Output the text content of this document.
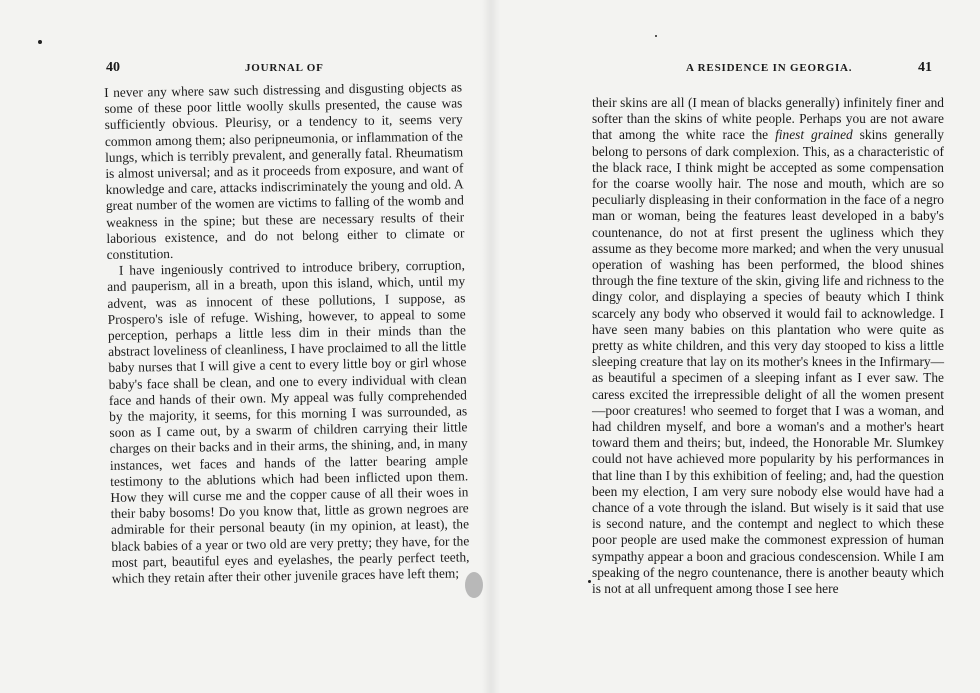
40	JOURNAL OF

I never any where saw such distressing and disgusting objects as some of these poor little woolly skulls presented, the cause was sufficiently obvious. Pleurisy, or a tendency to it, seems very common among them; also peripneumonia, or inflammation of the lungs, which is terribly prevalent, and generally fatal. Rheumatism is almost universal; and as it proceeds from exposure, and want of knowledge and care, attacks indiscriminately the young and old. A great number of the women are victims to falling of the womb and weakness in the spine; but these are necessary results of their laborious existence, and do not belong either to climate or constitution.

I have ingeniously contrived to introduce bribery, corruption, and pauperism, all in a breath, upon this island, which, until my advent, was as innocent of these pollutions, I suppose, as Prospero's isle of refuge. Wishing, however, to appeal to some perception, perhaps a little less dim in their minds than the abstract loveliness of cleanliness, I have proclaimed to all the little baby nurses that I will give a cent to every little boy or girl whose baby's face shall be clean, and one to every individual with clean face and hands of their own. My appeal was fully comprehended by the majority, it seems, for this morning I was surrounded, as soon as I came out, by a swarm of children carrying their little charges on their backs and in their arms, the shining, and, in many instances, wet faces and hands of the latter bearing ample testimony to the ablutions which had been inflicted upon them. How they will curse me and the copper cause of all their woes in their baby bosoms! Do you know that, little as grown negroes are admirable for their personal beauty (in my opinion, at least), the black babies of a year or two old are very pretty; they have, for the most part, beautiful eyes and eyelashes, the pearly perfect teeth, which they retain after their other juvenile graces have left them;

A RESIDENCE IN GEORGIA.	41

their skins are all (I mean of blacks generally) infinitely finer and softer than the skins of white people. Perhaps you are not aware that among the white race the finest grained skins generally belong to persons of dark complexion. This, as a characteristic of the black race, I think might be accepted as some compensation for the coarse woolly hair. The nose and mouth, which are so peculiarly displeasing in their conformation in the face of a negro man or woman, being the features least developed in a baby's countenance, do not at first present the ugliness which they assume as they become more marked; and when the very unusual operation of washing has been performed, the blood shines through the fine texture of the skin, giving life and richness to the dingy color, and displaying a species of beauty which I think scarcely any body who observed it would fail to acknowledge. I have seen many babies on this plantation who were quite as pretty as white children, and this very day stooped to kiss a little sleeping creature that lay on its mother's knees in the Infirmary—as beautiful a specimen of a sleeping infant as I ever saw. The caress excited the irrepressible delight of all the women present—poor creatures! who seemed to forget that I was a woman, and had children myself, and bore a woman's and a mother's heart toward them and theirs; but, indeed, the Honorable Mr. Slumkey could not have achieved more popularity by his performances in that line than I by this exhibition of feeling; and, had the question been my election, I am very sure nobody else would have had a chance of a vote through the island. But wisely is it said that use is second nature, and the contempt and neglect to which these poor people are used make the commonest expression of human sympathy appear a boon and gracious condescension. While I am speaking of the negro countenance, there is another beauty which is not at all unfrequent among those I see here
